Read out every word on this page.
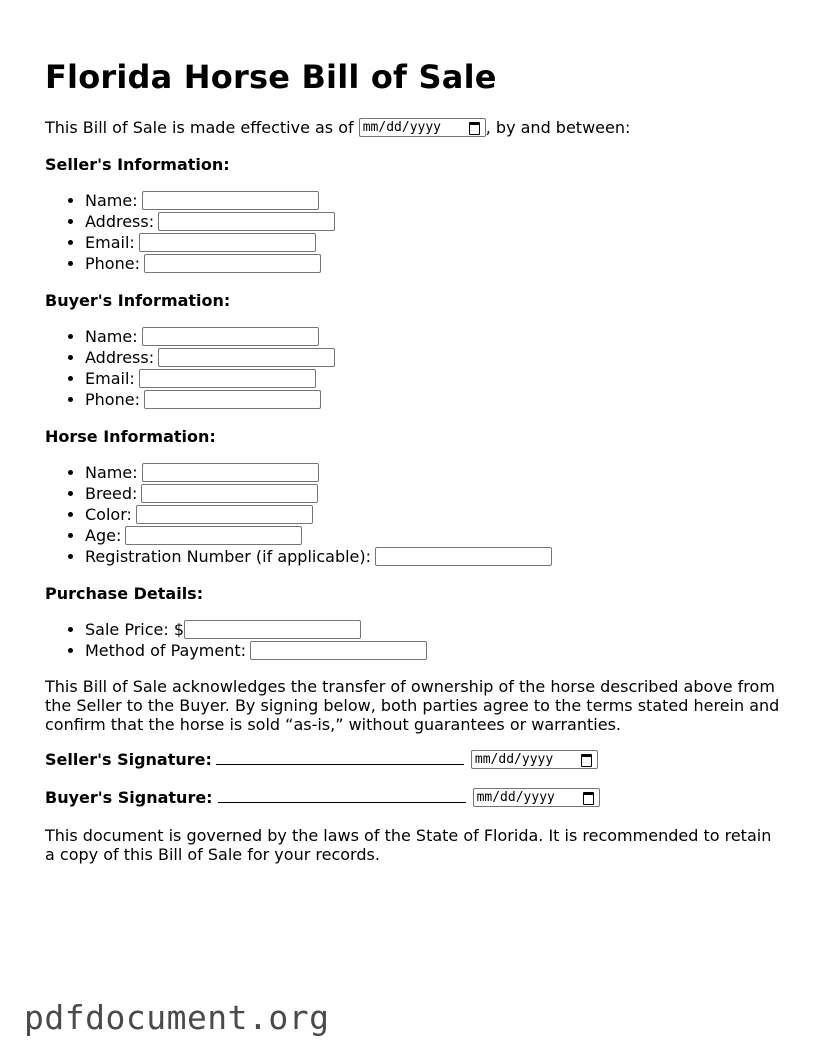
Florida Horse Bill of Sale
This Bill of Sale is made effective as of mm/dd/yyyy	, by and between:
Seller's Information:
• Name:
• Address:
• Email:
• Phone:
Buyer's Information:
• Name:
• Address:
• Email:
• Phone:
Horse Information:
• Name:
• Breed:
• Color:
• Age:
• Registration Number (if applicable):
Purchase Details:
• Sale Price: $
• Method of Payment:
This Bill of Sale acknowledges the transfer of ownership of the horse described above from the Seller to the Buyer. By signing below, both parties agree to the terms stated herein and confirm that the horse is sold “as-is,” without guarantees or warranties.
Seller's Signature:	mm/dd/yyyy
Buyer's Signature:	mm/dd/yyyy
This document is governed by the laws of the State of Florida. It is recommended to retain a copy of this Bill of Sale for your records.
pdfdocument.org
